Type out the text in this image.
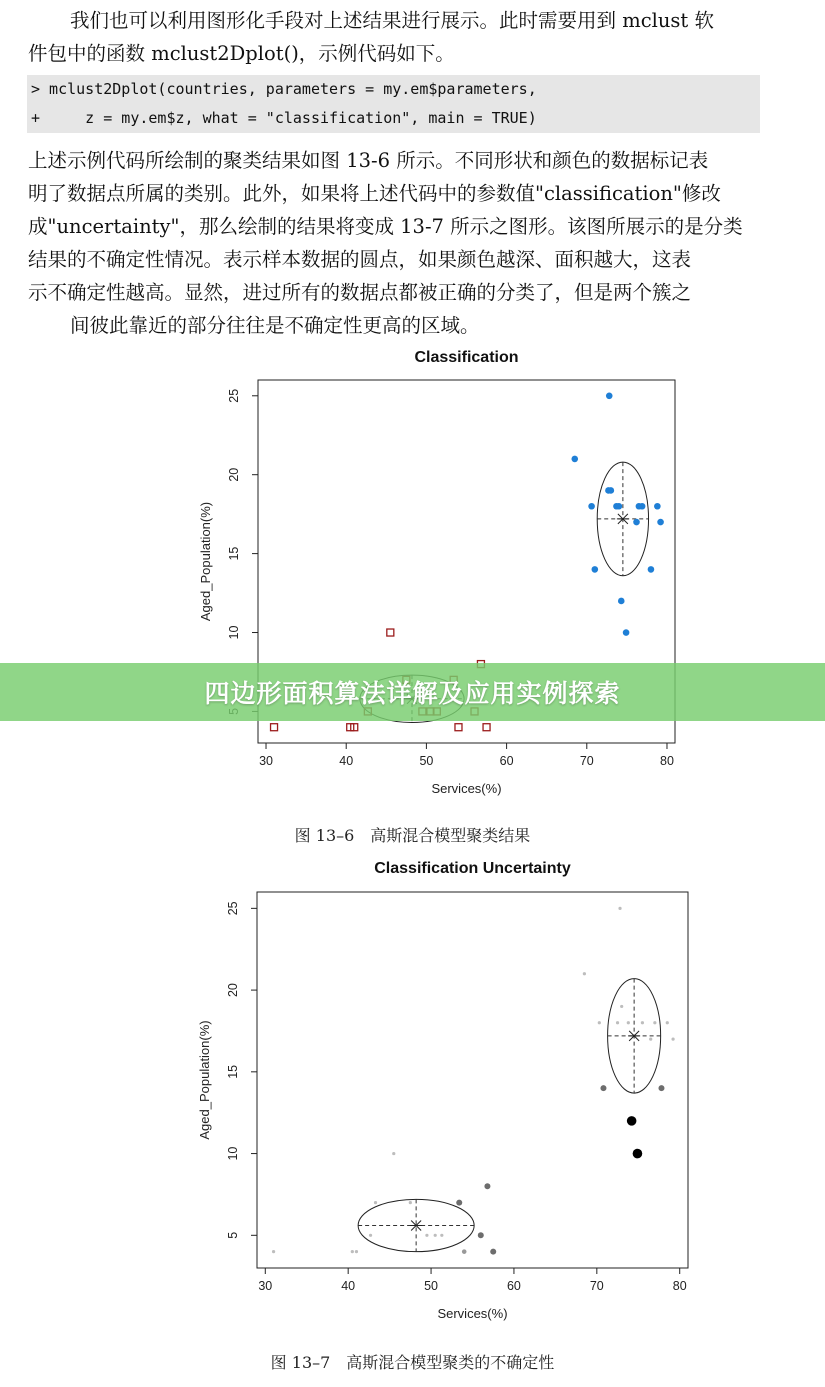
我们也可以利用图形化手段对上述结果进行展示。此时需要用到 mclust 软

件包中的函数 mclust2Dplot()，示例代码如下。

> mclust2Dplot(countries, parameters = my.em$parameters,
+     z = my.em$z, what = "classification", main = TRUE)

上述示例代码所绘制的聚类结果如图 13-6 所示。不同形状和颜色的数据标记表

明了数据点所属的类别。此外，如果将上述代码中的参数值"classification"修改

成"uncertainty"，那么绘制的结果将变成 13-7 所示之图形。该图所展示的是分类

结果的不确定性情况。表示样本数据的圆点，如果颜色越深、面积越大，这表

示不确定性越高。显然，进过所有的数据点都被正确的分类了，但是两个簇之

间彼此靠近的部分往往是不确定性更高的区域。

Classification
30	40	50	60	70	80
10
15
20
25
Services(%)
Aged_Population(%)
图 13–6　高斯混合模型聚类结果
Classification Uncertainty
30	40	50	60	70	80
5
10
15
20
25
Services(%)
Aged_Population(%)
图 13–7　高斯混合模型聚类的不确定性
四边形面积算法详解及应用实例探索
